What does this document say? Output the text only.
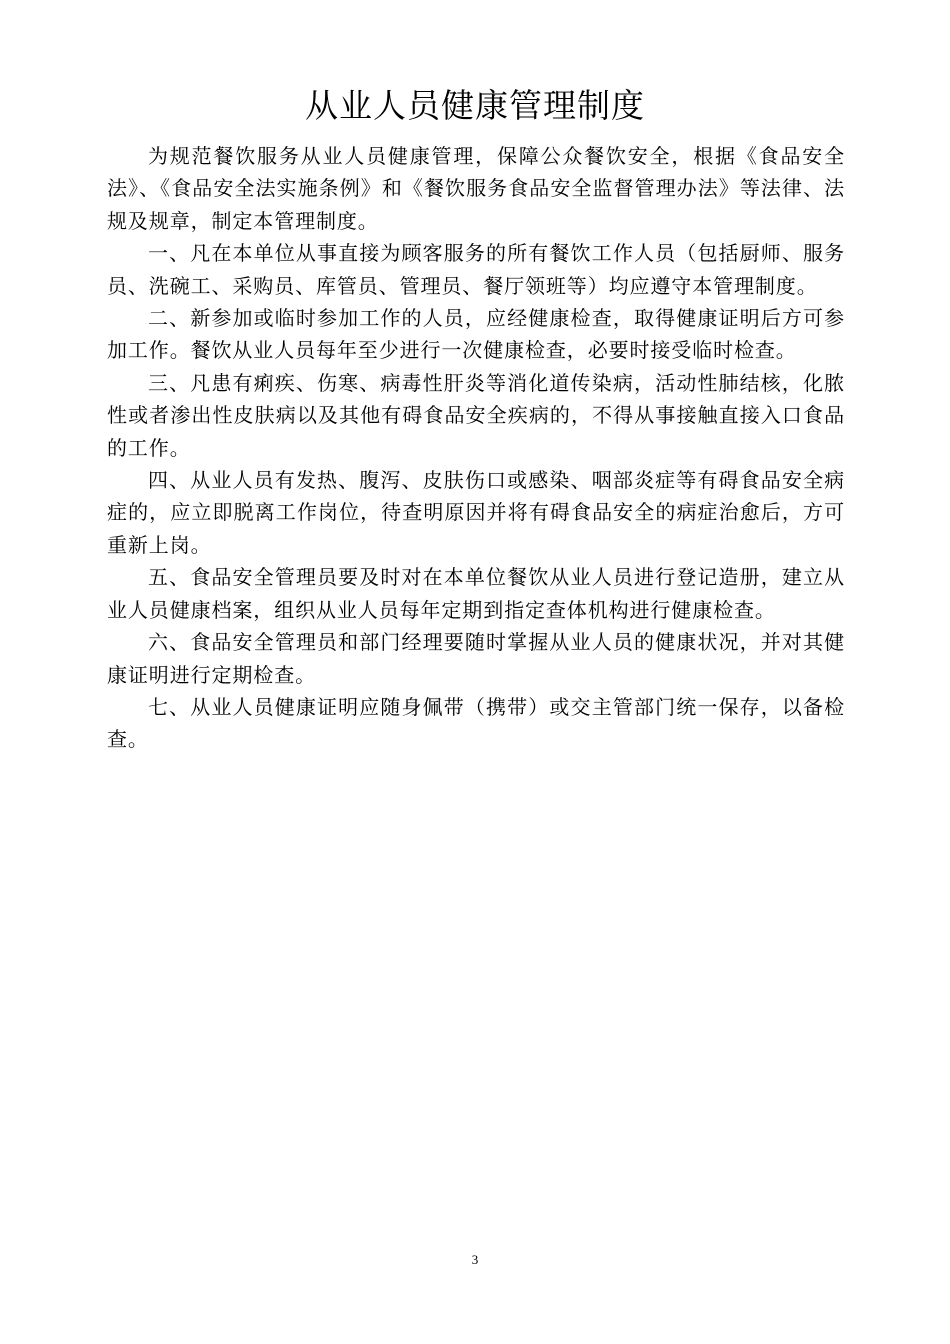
从业人员健康管理制度

为规范餐饮服务从业人员健康管理，保障公众餐饮安全，根据《食品安全法》、《食品安全法实施条例》和《餐饮服务食品安全监督管理办法》等法律、法规及规章，制定本管理制度。

一、凡在本单位从事直接为顾客服务的所有餐饮工作人员（包括厨师、服务员、洗碗工、采购员、库管员、管理员、餐厅领班等）均应遵守本管理制度。

二、新参加或临时参加工作的人员，应经健康检查，取得健康证明后方可参加工作。餐饮从业人员每年至少进行一次健康检查，必要时接受临时检查。

三、凡患有痢疾、伤寒、病毒性肝炎等消化道传染病，活动性肺结核，化脓性或者渗出性皮肤病以及其他有碍食品安全疾病的，不得从事接触直接入口食品的工作。

四、从业人员有发热、腹泻、皮肤伤口或感染、咽部炎症等有碍食品安全病症的，应立即脱离工作岗位，待查明原因并将有碍食品安全的病症治愈后，方可重新上岗。

五、食品安全管理员要及时对在本单位餐饮从业人员进行登记造册，建立从业人员健康档案，组织从业人员每年定期到指定查体机构进行健康检查。

六、食品安全管理员和部门经理要随时掌握从业人员的健康状况，并对其健康证明进行定期检查。

七、从业人员健康证明应随身佩带（携带）或交主管部门统一保存，以备检查。

3
